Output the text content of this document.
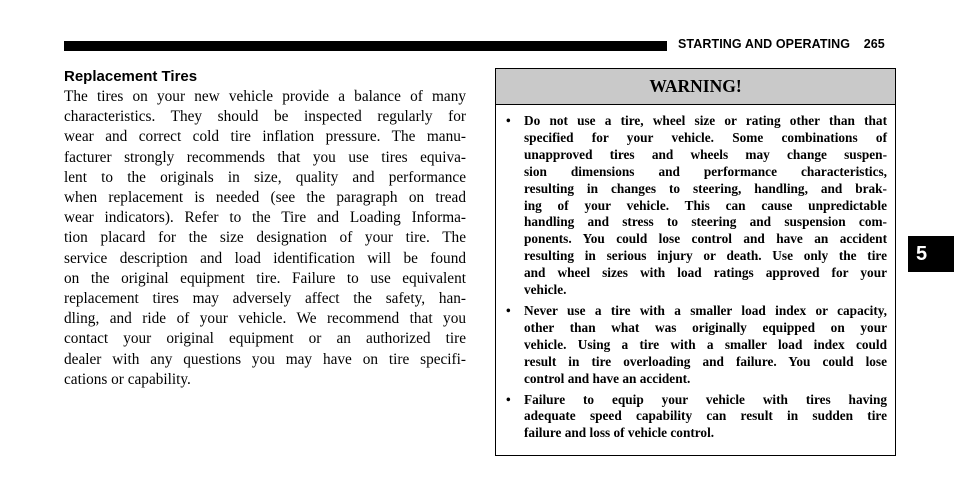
STARTING AND OPERATING 265
Replacement Tires

The tires on your new vehicle provide a balance of many
characteristics. They should be inspected regularly for
wear and correct cold tire inflation pressure. The manu-
facturer strongly recommends that you use tires equiva-
lent to the originals in size, quality and performance
when replacement is needed (see the paragraph on tread
wear indicators). Refer to the Tire and Loading Informa-
tion placard for the size designation of your tire. The
service description and load identification will be found
on the original equipment tire. Failure to use equivalent
replacement tires may adversely affect the safety, han-
dling, and ride of your vehicle. We recommend that you
contact your original equipment or an authorized tire
dealer with any questions you may have on tire specifi-
cations or capability.

WARNING!
• Do not use a tire, wheel size or rating other than that
specified for your vehicle. Some combinations of
unapproved tires and wheels may change suspen-
sion dimensions and performance characteristics,
resulting in changes to steering, handling, and brak-
ing of your vehicle. This can cause unpredictable
handling and stress to steering and suspension com-
ponents. You could lose control and have an accident
resulting in serious injury or death. Use only the tire
and wheel sizes with load ratings approved for your
vehicle.
• Never use a tire with a smaller load index or capacity,
other than what was originally equipped on your
vehicle. Using a tire with a smaller load index could
result in tire overloading and failure. You could lose
control and have an accident.
• Failure to equip your vehicle with tires having
adequate speed capability can result in sudden tire
failure and loss of vehicle control.
5
